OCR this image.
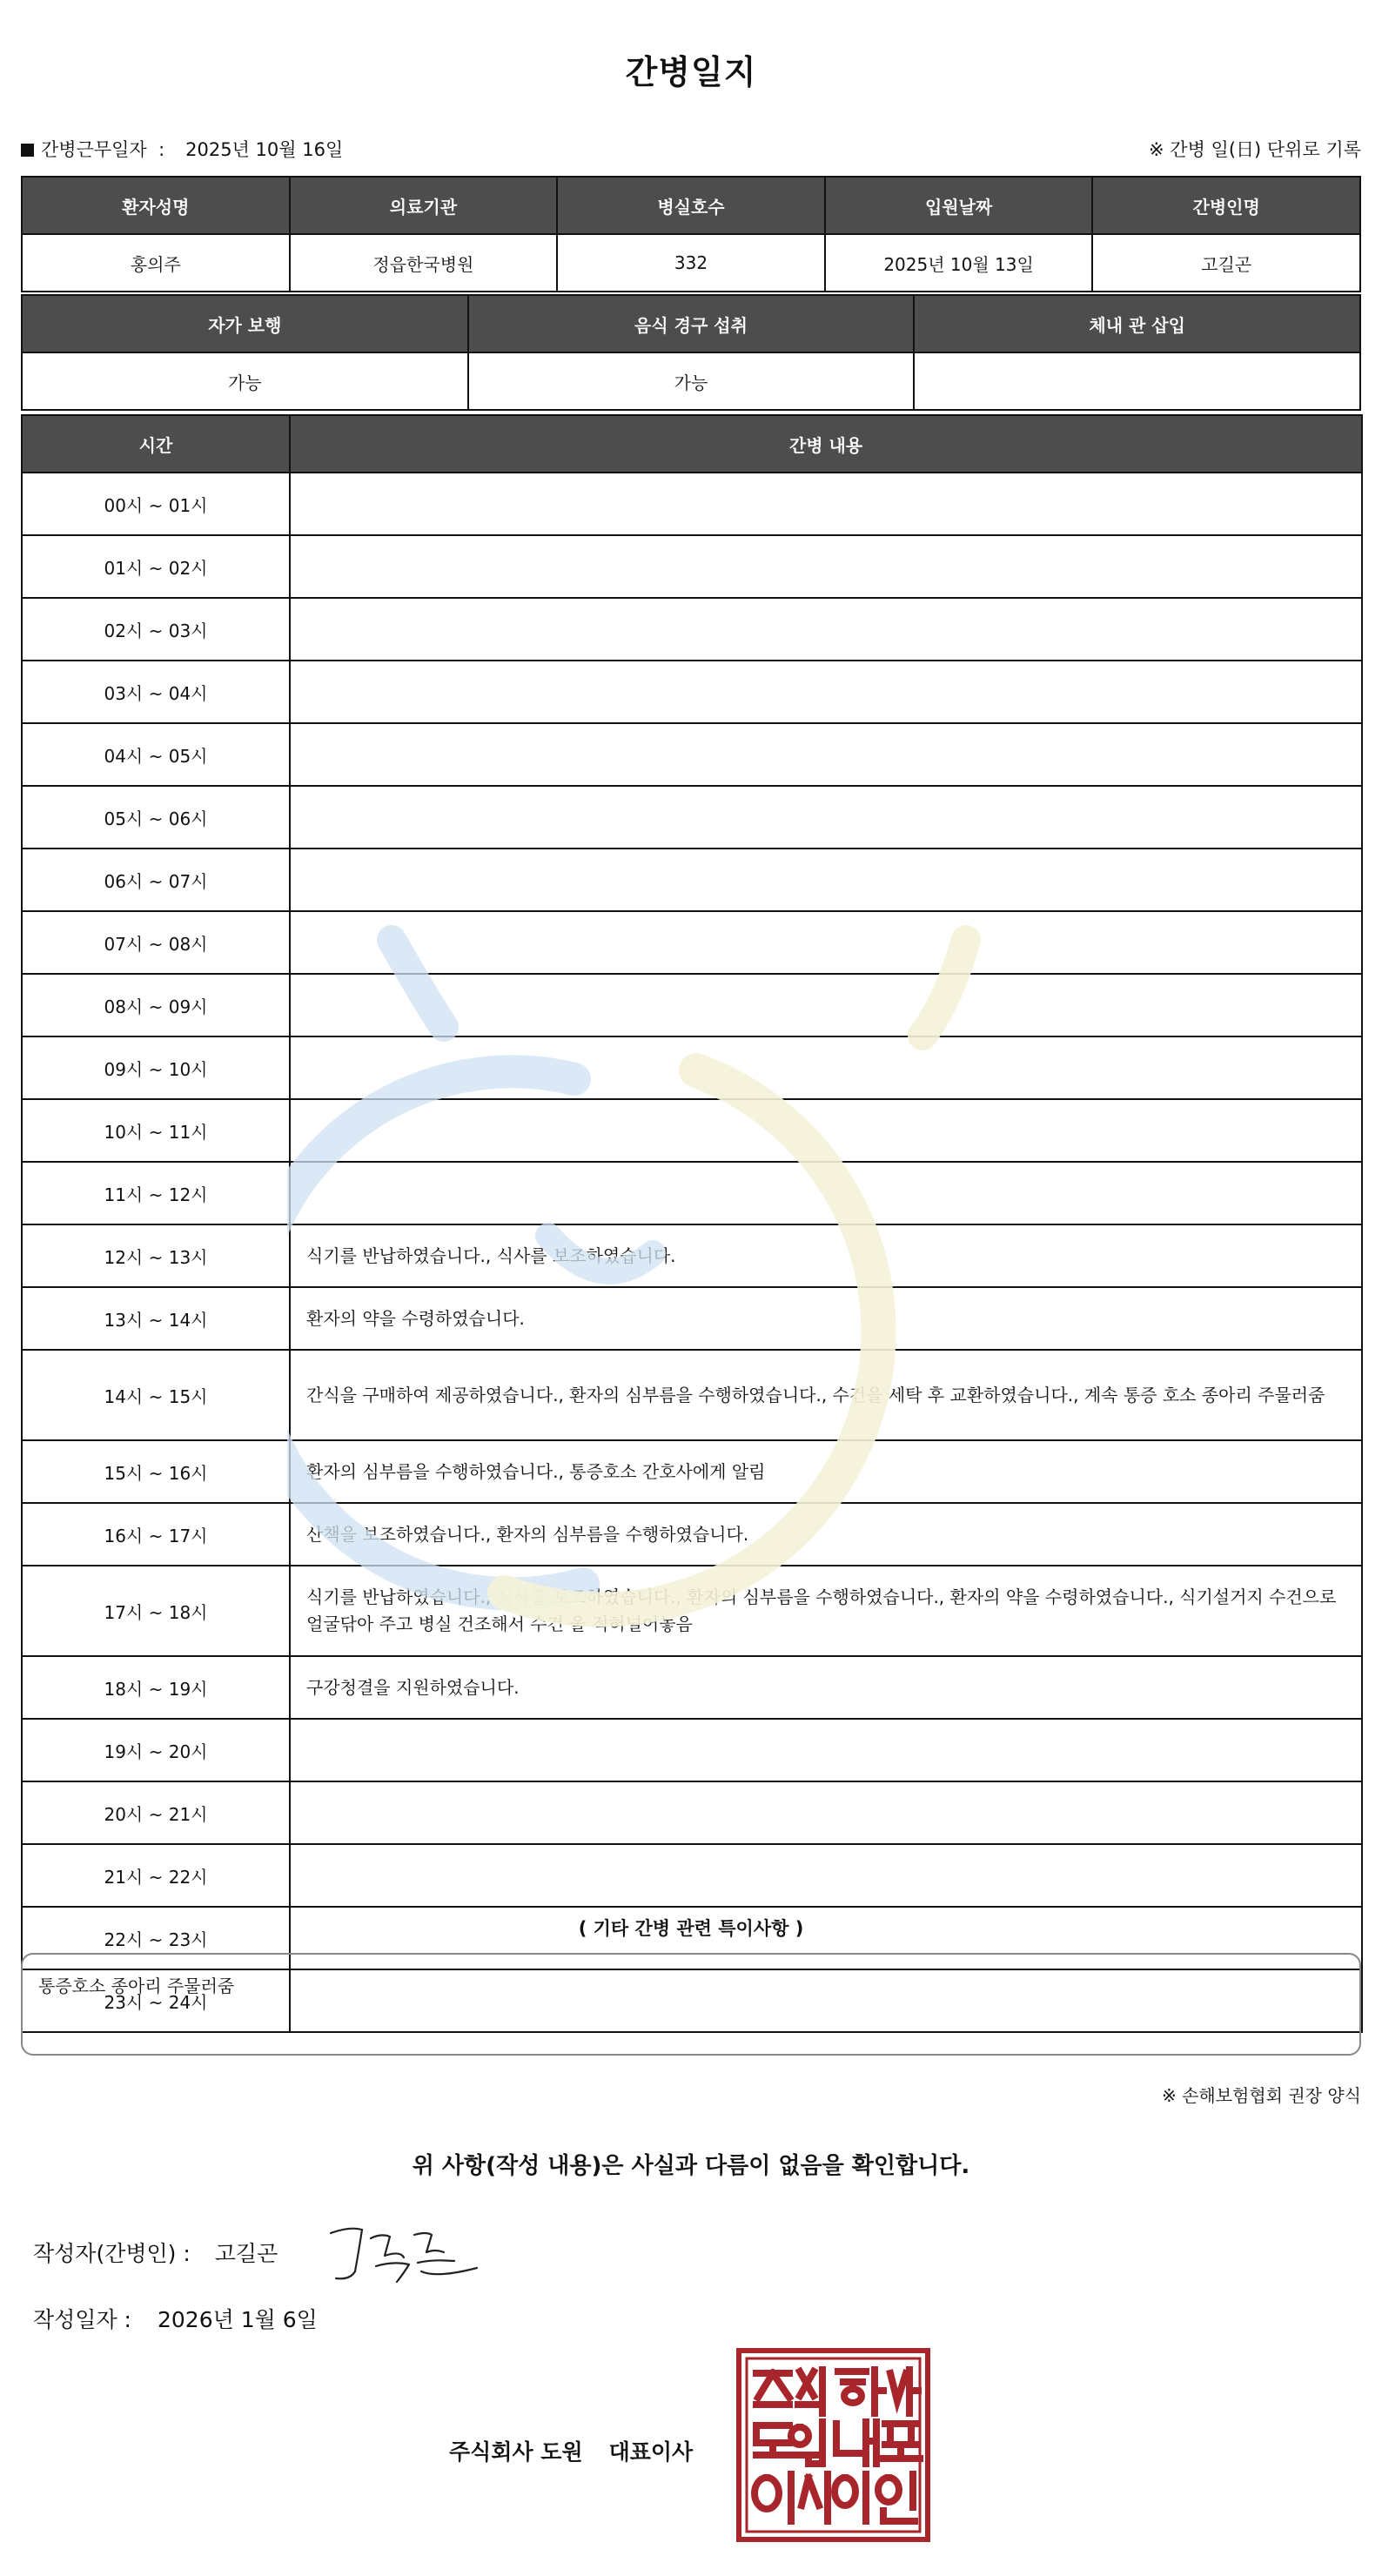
간병일지
간병근무일자 : 2025년 10월 16일	※ 간병 일(日) 단위로 기록
환자성명	의료기관	병실호수	입원날짜	간병인명
홍의주	정읍한국병원	332	2025년 10월 13일	고길곤
자가 보행	음식 경구 섭취	체내 관 삽입
가능	가능	
시간	간병 내용
00시 ~ 01시	
01시 ~ 02시	
02시 ~ 03시	
03시 ~ 04시	
04시 ~ 05시	
05시 ~ 06시	
06시 ~ 07시	
07시 ~ 08시	
08시 ~ 09시	
09시 ~ 10시	
10시 ~ 11시	
11시 ~ 12시	
12시 ~ 13시	식기를 반납하였습니다., 식사를 보조하였습니다.
13시 ~ 14시	환자의 약을 수령하였습니다.
14시 ~ 15시	간식을 구매하여 제공하였습니다., 환자의 심부름을 수행하였습니다., 수건을 세탁 후 교환하였습니다., 계속 통증 호소 종아리 주물러줌
15시 ~ 16시	환자의 심부름을 수행하였습니다., 통증호소 간호사에게 알림
16시 ~ 17시	산책을 보조하였습니다., 환자의 심부름을 수행하였습니다.
17시 ~ 18시	식기를 반납하였습니다., 식사를 보조하였습니다., 환자의 심부름을 수행하였습니다., 환자의 약을 수령하였습니다., 식기설거지 수건으로 얼굴닦아 주고 병실 건조해서 수건 울 적혀널어놓음
18시 ~ 19시	구강청결을 지원하였습니다.
19시 ~ 20시	
20시 ~ 21시	
21시 ~ 22시	
22시 ~ 23시	
23시 ~ 24시	
( 기타 간병 관련 특이사항 )
통증호소 종아리 주물러줌
※ 손해보험협회 권장 양식
위 사항(작성 내용)은 사실과 다름이 없음을 확인합니다.
작성자(간병인) : 고길곤
작성일자 : 2026년 1월 6일
주식회사 도원 대표이사
